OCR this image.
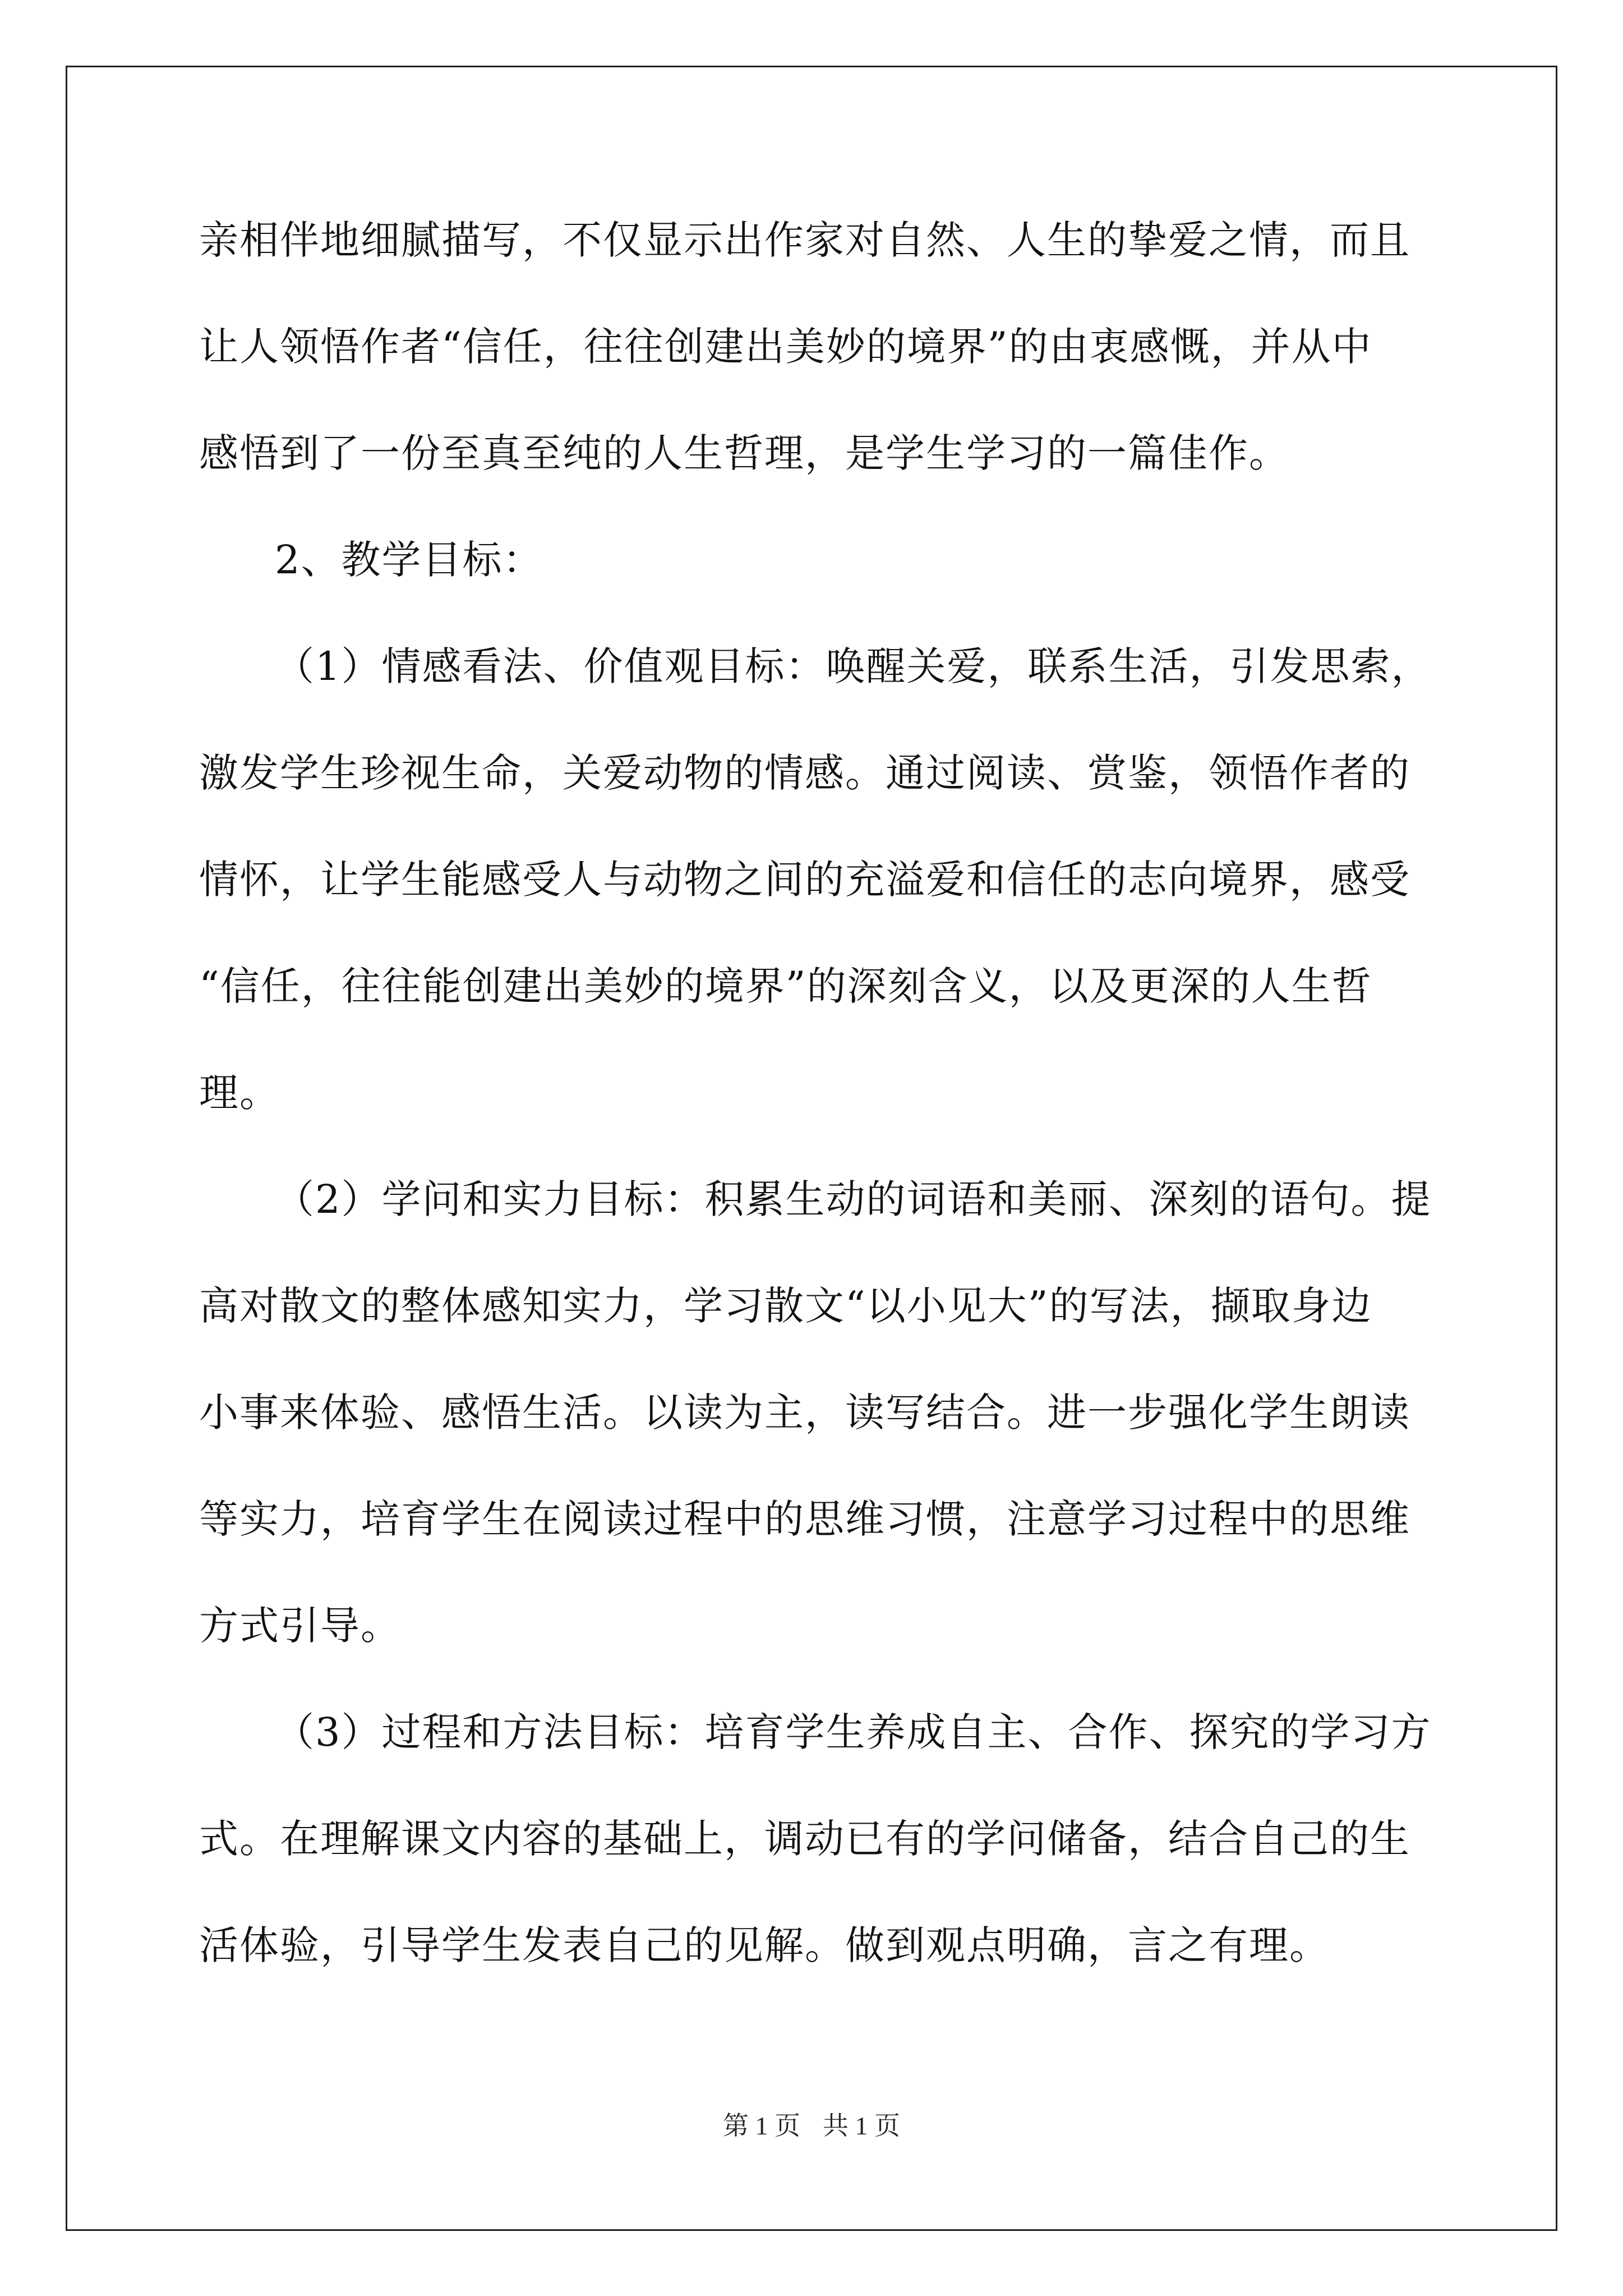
亲相伴地细腻描写，不仅显示出作家对自然、人生的挚爱之情，而且
让人领悟作者“信任，往往创建出美妙的境界”的由衷感慨，并从中
感悟到了一份至真至纯的人生哲理，是学生学习的一篇佳作。
2、教学目标：
（1）情感看法、价值观目标：唤醒关爱，联系生活，引发思索，
激发学生珍视生命，关爱动物的情感。通过阅读、赏鉴，领悟作者的
情怀，让学生能感受人与动物之间的充溢爱和信任的志向境界，感受
“信任，往往能创建出美妙的境界”的深刻含义，以及更深的人生哲
理。
（2）学问和实力目标：积累生动的词语和美丽、深刻的语句。提
高对散文的整体感知实力，学习散文“以小见大”的写法，撷取身边
小事来体验、感悟生活。以读为主，读写结合。进一步强化学生朗读
等实力，培育学生在阅读过程中的思维习惯，注意学习过程中的思维
方式引导。
（3）过程和方法目标：培育学生养成自主、合作、探究的学习方
式。在理解课文内容的基础上，调动已有的学问储备，结合自己的生
活体验，引导学生发表自己的见解。做到观点明确，言之有理。
第 1 页 共 1 页
